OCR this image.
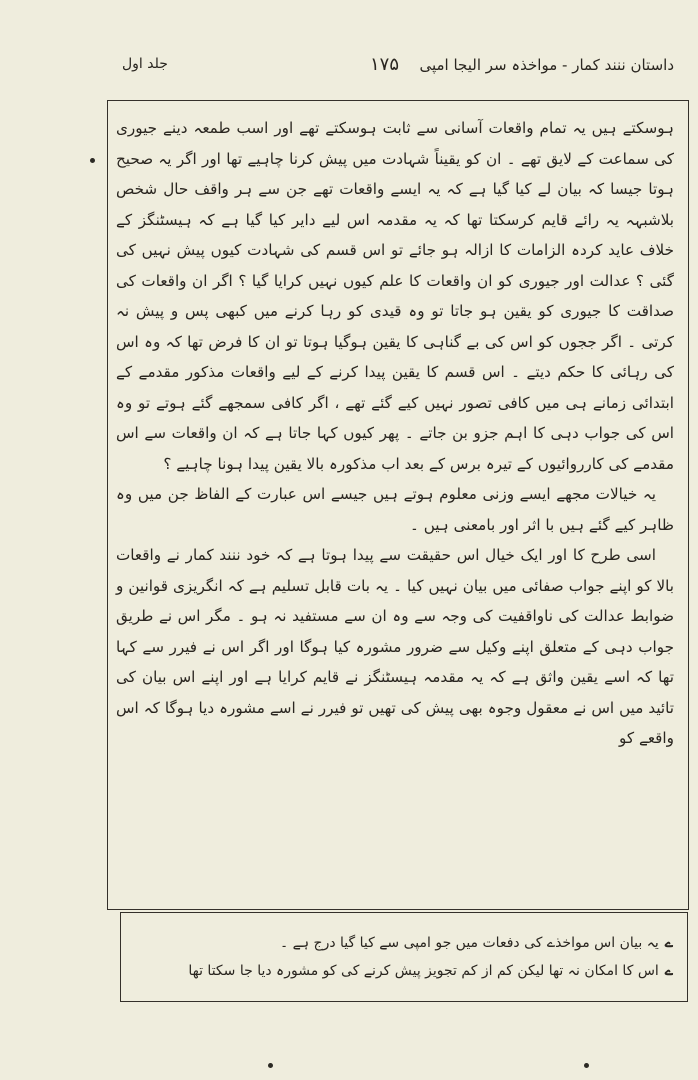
داستان ننند کمار - مواخذہ سر الیجا امپی
۱۷۵
جلد اول

ہوسکتے ہیں یہ تمام واقعات آسانی سے ثابت ہوسکتے تھے اور اسب طمعہ دینے جیوری کی سماعت کے لایق تھے ۔ ان کو یقیناً شہادت میں پیش کرنا چاہیے تھا اور اگر یہ صحیح ہوتا جیسا کہ بیان لے کیا گیا ہے کہ یہ ایسے واقعات تھے جن سے ہر واقف حال شخص بلاشبہہ یہ رائے قایم کرسکتا تھا کہ یہ مقدمہ اس لیے دایر کیا گیا ہے کہ ہیسٹنگز کے خلاف عاید کردہ الزامات کا ازالہ ہو جائے تو اس قسم کی شہادت کیوں پیش نہیں کی گئی ؟ عدالت اور جیوری کو ان واقعات کا علم کیوں نہیں کرایا گیا ؟ اگر ان واقعات کی صداقت کا جیوری کو یقین ہو جاتا تو وہ قیدی کو رہا کرنے میں کبھی پس و پیش نہ کرتی ۔ اگر ججوں کو اس کی بے گناہی کا یقین ہوگیا ہوتا تو ان کا فرض تھا کہ وہ اس کی رہائی کا حکم دیتے ۔ اس قسم کا یقین پیدا کرنے کے لیے واقعات مذکور مقدمے کے ابتدائی زمانے ہی میں کافی تصور نہیں کیے گئے تھے ، اگر کافی سمجھے گئے ہوتے تو وہ اس کی جواب دہی کا اہم جزو بن جاتے ۔ پھر کیوں کہا جاتا ہے کہ ان واقعات سے اس مقدمے کی کارروائیوں کے تیرہ برس کے بعد اب مذکورہ بالا یقین پیدا ہونا چاہیے ؟

یہ خیالات مجھے ایسے وزنی معلوم ہوتے ہیں جیسے اس عبارت کے الفاظ جن میں وہ ظاہر کیے گئے ہیں با اثر اور بامعنی ہیں ۔

اسی طرح کا اور ایک خیال اس حقیقت سے پیدا ہوتا ہے کہ خود ننند کمار نے واقعات بالا کو اپنے جواب صفائی میں بیان نہیں کیا ۔ یہ بات قابل تسلیم ہے کہ انگریزی قوانین و ضوابط عدالت کی ناواقفیت کی وجہ سے وہ ان سے مستفید نہ ہو ۔ مگر اس نے طریق جواب دہی کے متعلق اپنے وکیل سے ضرور مشورہ کیا ہوگا اور اگر اس نے فیرر سے کہا تھا کہ اسے یقین واثق ہے کہ یہ مقدمہ ہیسٹنگز نے قایم کرایا ہے اور اپنے اس بیان کی تائید میں اس نے معقول وجوہ بھی پیش کی تھیں تو فیرر نے اسے مشورہ دیا ہوگا کہ اس واقعے کو

ےیہ بیان اس مواخذے کی دفعات میں جو امپی سے کیا گیا درج ہے ۔
ےاس کا امکان نہ تھا لیکن کم از کم تجویز پیش کرنے کی کو مشورہ دیا جا سکتا تھا
